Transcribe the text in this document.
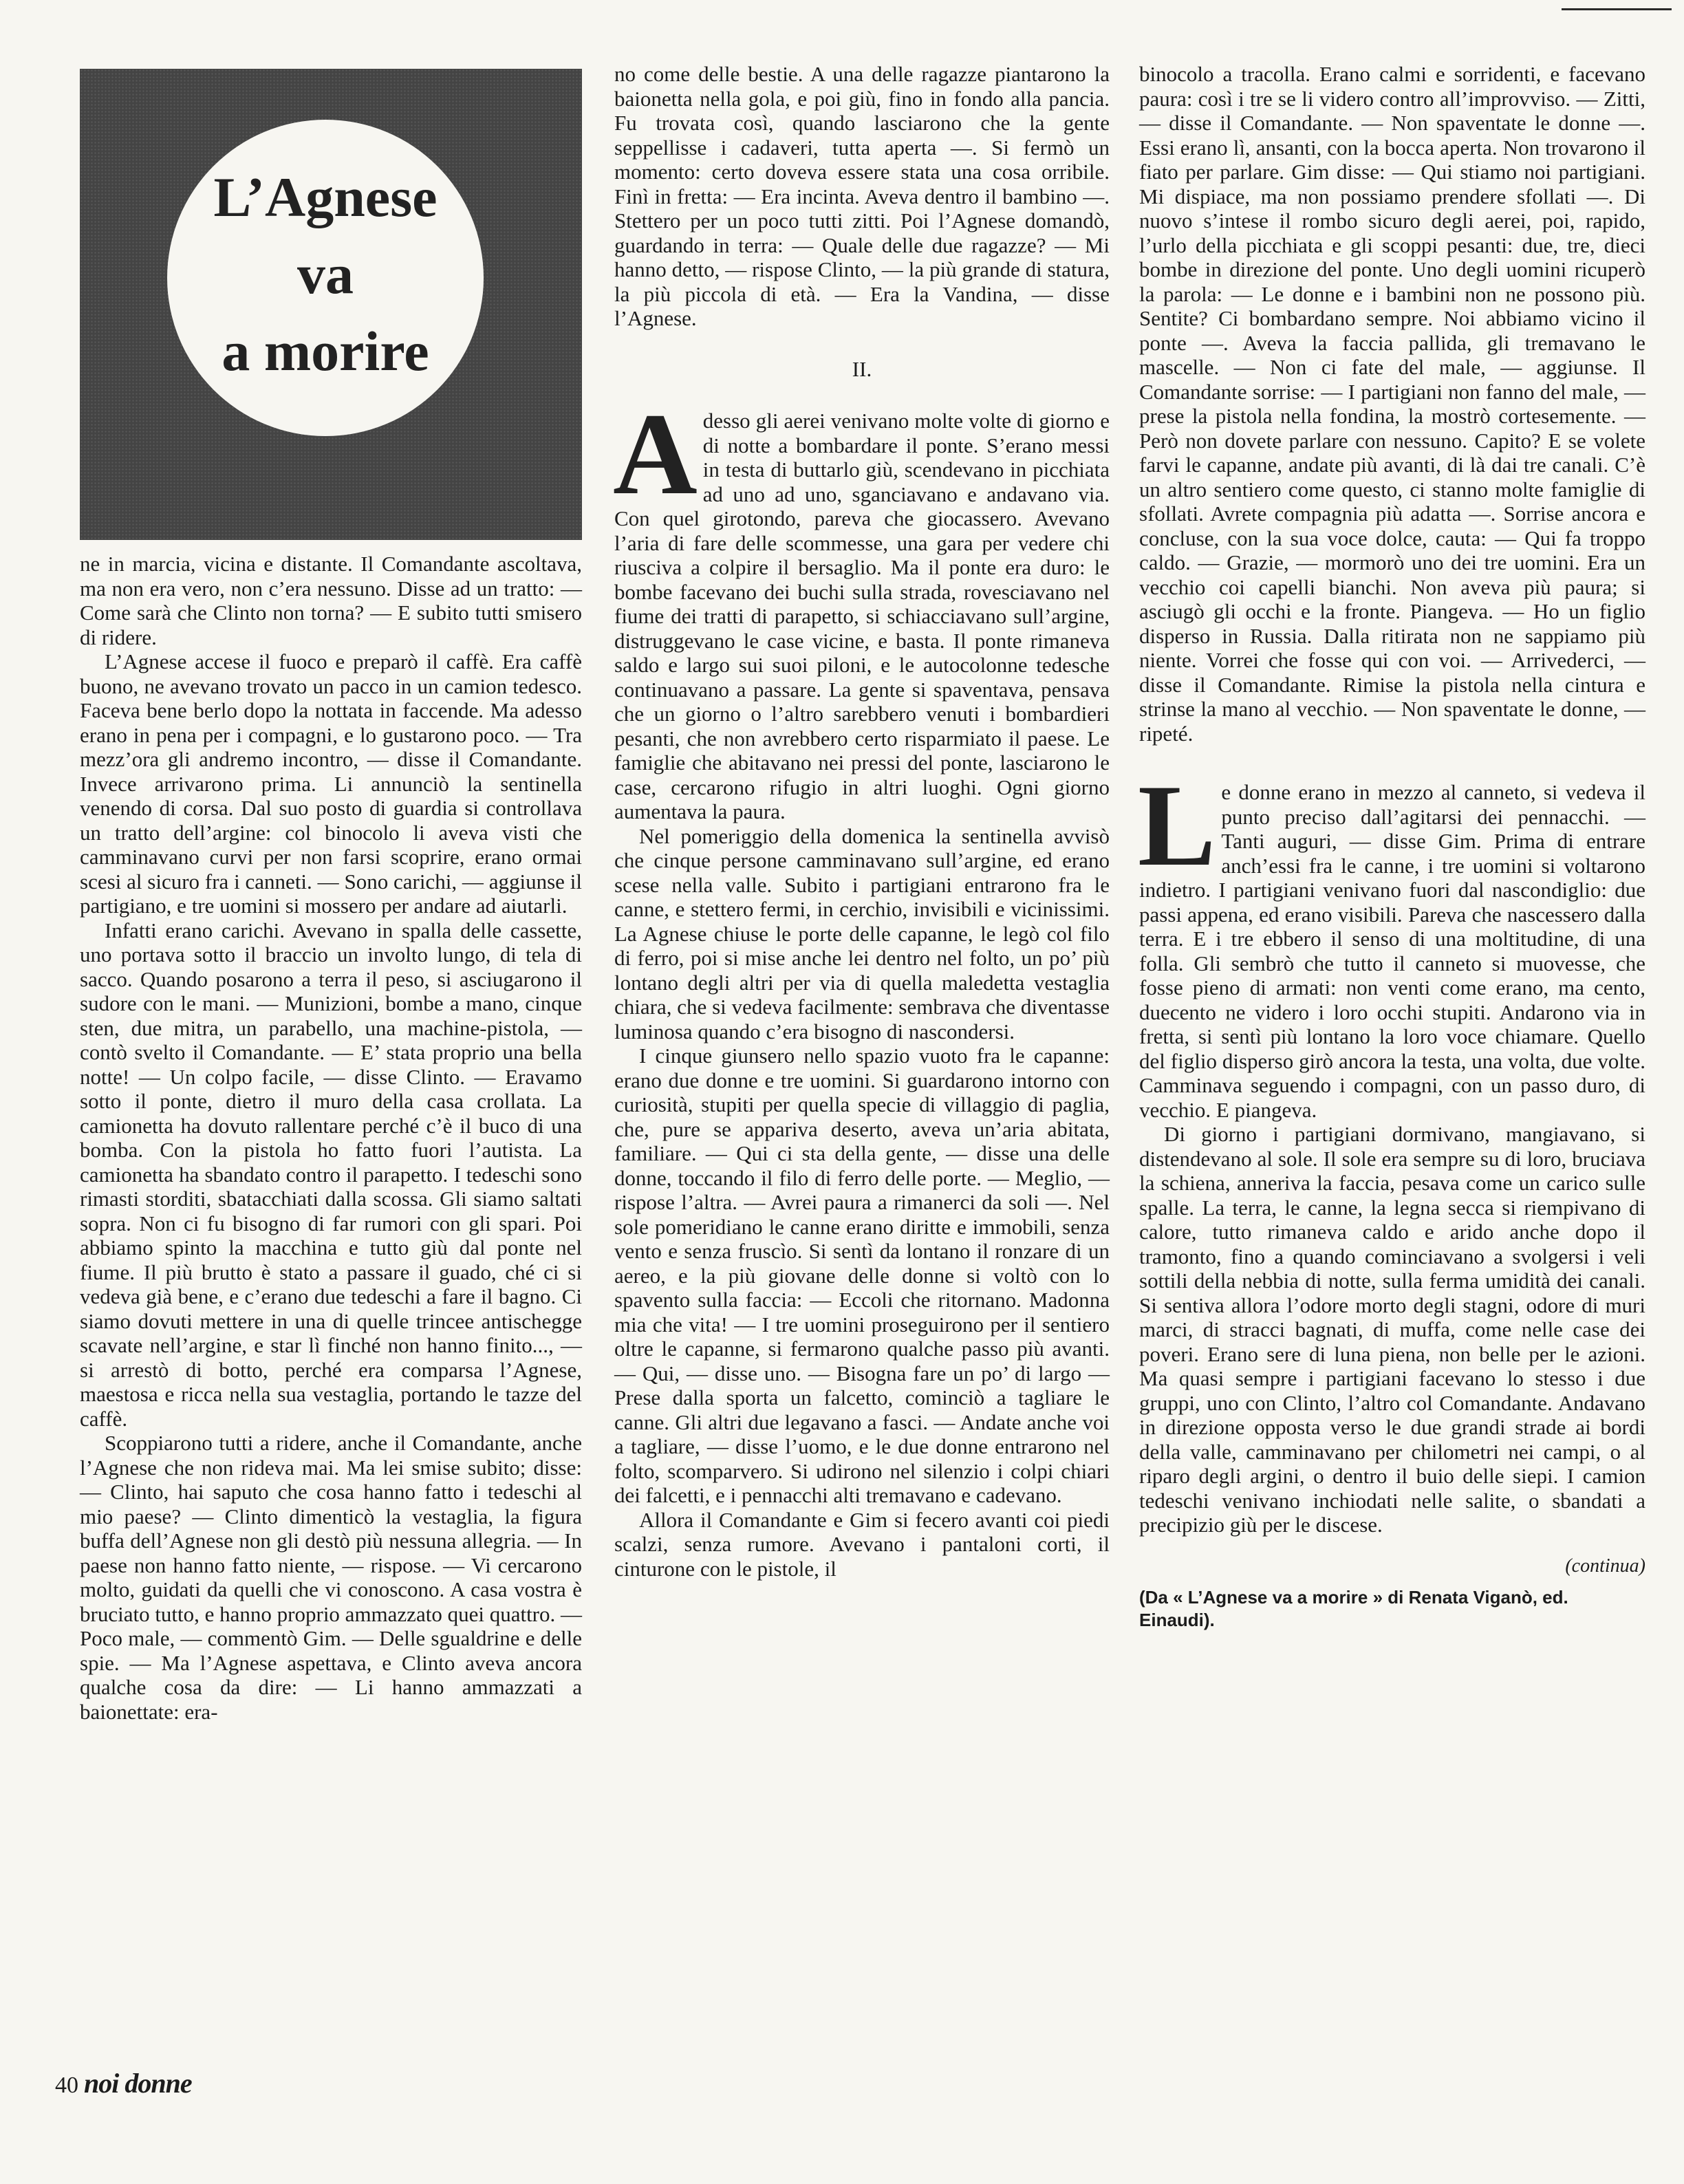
L’Agnese
va
a morire

ne in marcia, vicina e distante. Il Comandante ascoltava, ma non era vero, non c’era nessuno. Disse ad un tratto: — Come sarà che Clinto non torna? — E subito tutti smisero di ridere.

L’Agnese accese il fuoco e preparò il caffè. Era caffè buono, ne avevano trovato un pacco in un camion tedesco. Faceva bene berlo dopo la nottata in faccende. Ma adesso erano in pena per i compagni, e lo gustarono poco. — Tra mezz’ora gli andremo incontro, — disse il Comandante. Invece arrivarono prima. Li annunciò la sentinella venendo di corsa. Dal suo posto di guardia si controllava un tratto dell’argine: col binocolo li aveva visti che camminavano curvi per non farsi scoprire, erano ormai scesi al sicuro fra i canneti. — Sono carichi, — aggiunse il partigiano, e tre uomini si mossero per andare ad aiutarli.

Infatti erano carichi. Avevano in spalla delle cassette, uno portava sotto il braccio un involto lungo, di tela di sacco. Quando posarono a terra il peso, si asciugarono il sudore con le mani. — Munizioni, bombe a mano, cinque sten, due mitra, un parabello, una machine-pistola, — contò svelto il Comandante. — E’ stata proprio una bella notte! — Un colpo facile, — disse Clinto. — Eravamo sotto il ponte, dietro il muro della casa crollata. La camionetta ha dovuto rallentare perché c’è il buco di una bomba. Con la pistola ho fatto fuori l’autista. La camionetta ha sbandato contro il parapetto. I tedeschi sono rimasti storditi, sbatacchiati dalla scossa. Gli siamo saltati sopra. Non ci fu bisogno di far rumori con gli spari. Poi abbiamo spinto la macchina e tutto giù dal ponte nel fiume. Il più brutto è stato a passare il guado, ché ci si vedeva già bene, e c’erano due tedeschi a fare il bagno. Ci siamo dovuti mettere in una di quelle trincee antischegge scavate nell’argine, e star lì finché non hanno finito..., — si arrestò di botto, perché era comparsa l’Agnese, maestosa e ricca nella sua vestaglia, portando le tazze del caffè.

Scoppiarono tutti a ridere, anche il Comandante, anche l’Agnese che non rideva mai. Ma lei smise subito; disse: — Clinto, hai saputo che cosa hanno fatto i tedeschi al mio paese? — Clinto dimenticò la vestaglia, la figura buffa dell’Agnese non gli destò più nessuna allegria. — In paese non hanno fatto niente, — rispose. — Vi cercarono molto, guidati da quelli che vi conoscono. A casa vostra è bruciato tutto, e hanno proprio ammazzato quei quattro. — Poco male, — commentò Gim. — Delle sgualdrine e delle spie. — Ma l’Agnese aspettava, e Clinto aveva ancora qualche cosa da dire: — Li hanno ammazzati a baionettate: era-

no come delle bestie. A una delle ragazze piantarono la baionetta nella gola, e poi giù, fino in fondo alla pancia. Fu trovata così, quando lasciarono che la gente seppellisse i cadaveri, tutta aperta —. Si fermò un momento: certo doveva essere stata una cosa orribile. Finì in fretta: — Era incinta. Aveva dentro il bambino —. Stettero per un poco tutti zitti. Poi l’Agnese domandò, guardando in terra: — Quale delle due ragazze? — Mi hanno detto, — rispose Clinto, — la più grande di statura, la più piccola di età. — Era la Vandina, — disse l’Agnese.

II.

Adesso gli aerei venivano molte volte di giorno e di notte a bombardare il ponte. S’erano messi in testa di buttarlo giù, scendevano in picchiata ad uno ad uno, sganciavano e andavano via. Con quel girotondo, pareva che giocassero. Avevano l’aria di fare delle scommesse, una gara per vedere chi riusciva a colpire il bersaglio. Ma il ponte era duro: le bombe facevano dei buchi sulla strada, rovesciavano nel fiume dei tratti di parapetto, si schiacciavano sull’argine, distruggevano le case vicine, e basta. Il ponte rimaneva saldo e largo sui suoi piloni, e le autocolonne tedesche continuavano a passare. La gente si spaventava, pensava che un giorno o l’altro sarebbero venuti i bombardieri pesanti, che non avrebbero certo risparmiato il paese. Le famiglie che abitavano nei pressi del ponte, lasciarono le case, cercarono rifugio in altri luoghi. Ogni giorno aumentava la paura.

Nel pomeriggio della domenica la sentinella avvisò che cinque persone camminavano sull’argine, ed erano scese nella valle. Subito i partigiani entrarono fra le canne, e stettero fermi, in cerchio, invisibili e vicinissimi. La Agnese chiuse le porte delle capanne, le legò col filo di ferro, poi si mise anche lei dentro nel folto, un po’ più lontano degli altri per via di quella maledetta vestaglia chiara, che si vedeva facilmente: sembrava che diventasse luminosa quando c’era bisogno di nascondersi.

I cinque giunsero nello spazio vuoto fra le capanne: erano due donne e tre uomini. Si guardarono intorno con curiosità, stupiti per quella specie di villaggio di paglia, che, pure se appariva deserto, aveva un’aria abitata, familiare. — Qui ci sta della gente, — disse una delle donne, toccando il filo di ferro delle porte. — Meglio, — rispose l’altra. — Avrei paura a rimanerci da soli —. Nel sole pomeridiano le canne erano diritte e immobili, senza vento e senza fruscìo. Si sentì da lontano il ronzare di un aereo, e la più giovane delle donne si voltò con lo spavento sulla faccia: — Eccoli che ritornano. Madonna mia che vita! — I tre uomini proseguirono per il sentiero oltre le capanne, si fermarono qualche passo più avanti. — Qui, — disse uno. — Bisogna fare un po’ di largo — Prese dalla sporta un falcetto, cominciò a tagliare le canne. Gli altri due legavano a fasci. — Andate anche voi a tagliare, — disse l’uomo, e le due donne entrarono nel folto, scomparvero. Si udirono nel silenzio i colpi chiari dei falcetti, e i pennacchi alti tremavano e cadevano.

Allora il Comandante e Gim si fecero avanti coi piedi scalzi, senza rumore. Avevano i pantaloni corti, il cinturone con le pistole, il

binocolo a tracolla. Erano calmi e sorridenti, e facevano paura: così i tre se li videro contro all’improvviso. — Zitti, — disse il Comandante. — Non spaventate le donne —. Essi erano lì, ansanti, con la bocca aperta. Non trovarono il fiato per parlare. Gim disse: — Qui stiamo noi partigiani. Mi dispiace, ma non possiamo prendere sfollati —. Di nuovo s’intese il rombo sicuro degli aerei, poi, rapido, l’urlo della picchiata e gli scoppi pesanti: due, tre, dieci bombe in direzione del ponte. Uno degli uomini ricuperò la parola: — Le donne e i bambini non ne possono più. Sentite? Ci bombardano sempre. Noi abbiamo vicino il ponte —. Aveva la faccia pallida, gli tremavano le mascelle. — Non ci fate del male, — aggiunse. Il Comandante sorrise: — I partigiani non fanno del male, — prese la pistola nella fondina, la mostrò cortesemente. — Però non dovete parlare con nessuno. Capito? E se volete farvi le capanne, andate più avanti, di là dai tre canali. C’è un altro sentiero come questo, ci stanno molte famiglie di sfollati. Avrete compagnia più adatta —. Sorrise ancora e concluse, con la sua voce dolce, cauta: — Qui fa troppo caldo. — Grazie, — mormorò uno dei tre uomini. Era un vecchio coi capelli bianchi. Non aveva più paura; si asciugò gli occhi e la fronte. Piangeva. — Ho un figlio disperso in Russia. Dalla ritirata non ne sappiamo più niente. Vorrei che fosse qui con voi. — Arrivederci, — disse il Comandante. Rimise la pistola nella cintura e strinse la mano al vecchio. — Non spaventate le donne, — ripeté.

Le donne erano in mezzo al canneto, si vedeva il punto preciso dall’agitarsi dei pennacchi. — Tanti auguri, — disse Gim. Prima di entrare anch’essi fra le canne, i tre uomini si voltarono indietro. I partigiani venivano fuori dal nascondiglio: due passi appena, ed erano visibili. Pareva che nascessero dalla terra. E i tre ebbero il senso di una moltitudine, di una folla. Gli sembrò che tutto il canneto si muovesse, che fosse pieno di armati: non venti come erano, ma cento, duecento ne videro i loro occhi stupiti. Andarono via in fretta, si sentì più lontano la loro voce chiamare. Quello del figlio disperso girò ancora la testa, una volta, due volte. Camminava seguendo i compagni, con un passo duro, di vecchio. E piangeva.

Di giorno i partigiani dormivano, mangiavano, si distendevano al sole. Il sole era sempre su di loro, bruciava la schiena, anneriva la faccia, pesava come un carico sulle spalle. La terra, le canne, la legna secca si riempivano di calore, tutto rimaneva caldo e arido anche dopo il tramonto, fino a quando cominciavano a svolgersi i veli sottili della nebbia di notte, sulla ferma umidità dei canali. Si sentiva allora l’odore morto degli stagni, odore di muri marci, di stracci bagnati, di muffa, come nelle case dei poveri. Erano sere di luna piena, non belle per le azioni. Ma quasi sempre i partigiani facevano lo stesso i due gruppi, uno con Clinto, l’altro col Comandante. Andavano in direzione opposta verso le due grandi strade ai bordi della valle, camminavano per chilometri nei campi, o al riparo degli argini, o dentro il buio delle siepi. I camion tedeschi venivano inchiodati nelle salite, o sbandati a precipizio giù per le discese.

(continua)
(Da « L’Agnese va a morire » di Renata Viganò, ed. Einaudi).
40 noi donne
